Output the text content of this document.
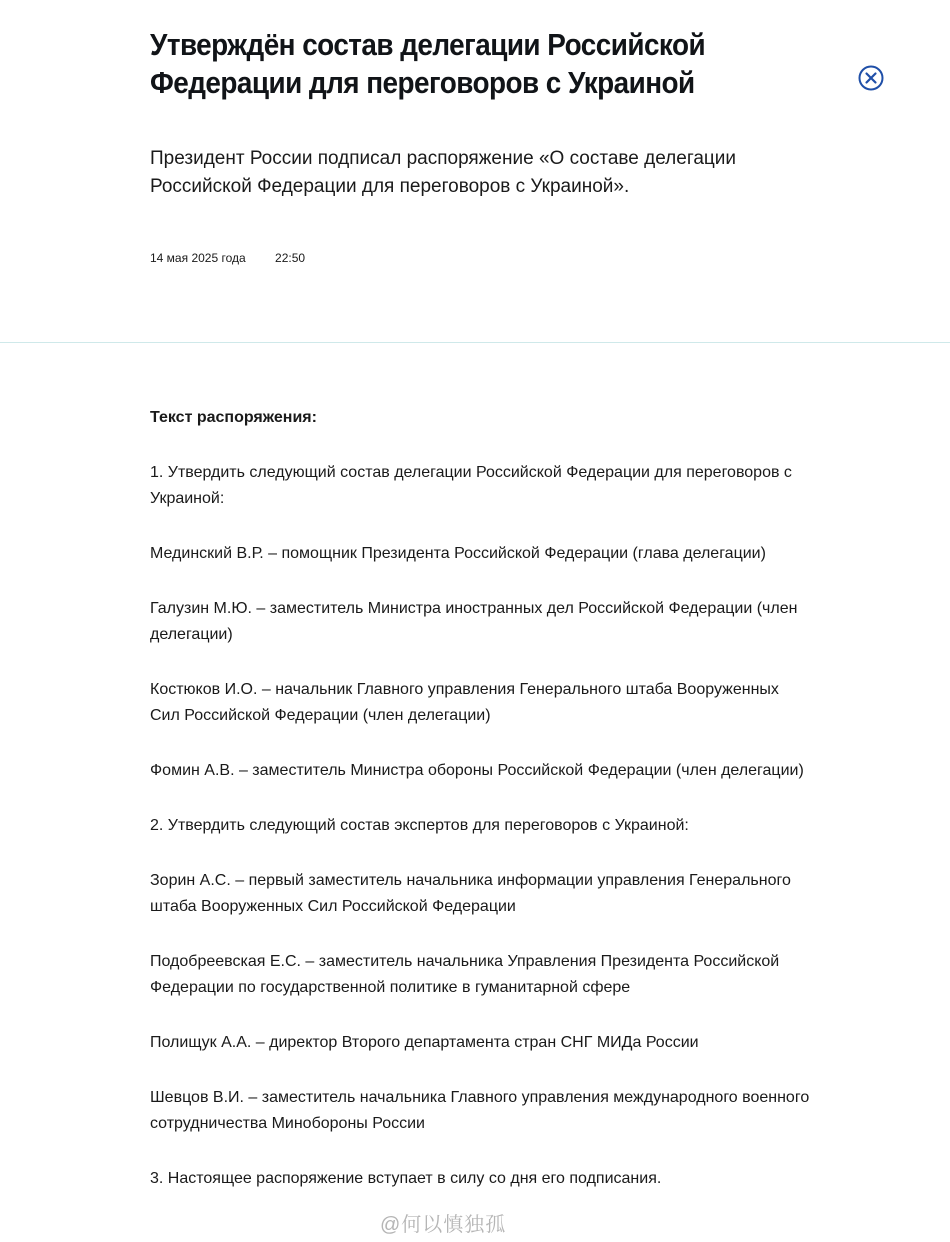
Утверждён состав делегации Российской Федерации для переговоров с Украиной

Президент России подписал распоряжение «О составе делегации Российской Федерации для переговоров с Украиной».

14 мая 2025 года 22:50

Текст распоряжения:

1. Утвердить следующий состав делегации Российской Федерации для переговоров с Украиной:

Мединский В.Р. – помощник Президента Российской Федерации (глава делегации)

Галузин М.Ю. – заместитель Министра иностранных дел Российской Федерации (член делегации)

Костюков И.О. – начальник Главного управления Генерального штаба Вооруженных Сил Российской Федерации (член делегации)

Фомин А.В. – заместитель Министра обороны Российской Федерации (член делегации)

2. Утвердить следующий состав экспертов для переговоров с Украиной:

Зорин А.С. – первый заместитель начальника информации управления Генерального штаба Вооруженных Сил Российской Федерации

Подобреевская Е.С. – заместитель начальника Управления Президента Российской Федерации по государственной политике в гуманитарной сфере

Полищук А.А. – директор Второго департамента стран СНГ МИДа России

Шевцов В.И. – заместитель начальника Главного управления международного военного сотрудничества Минобороны России

3. Настоящее распоряжение вступает в силу со дня его подписания.

@何以慎独孤
